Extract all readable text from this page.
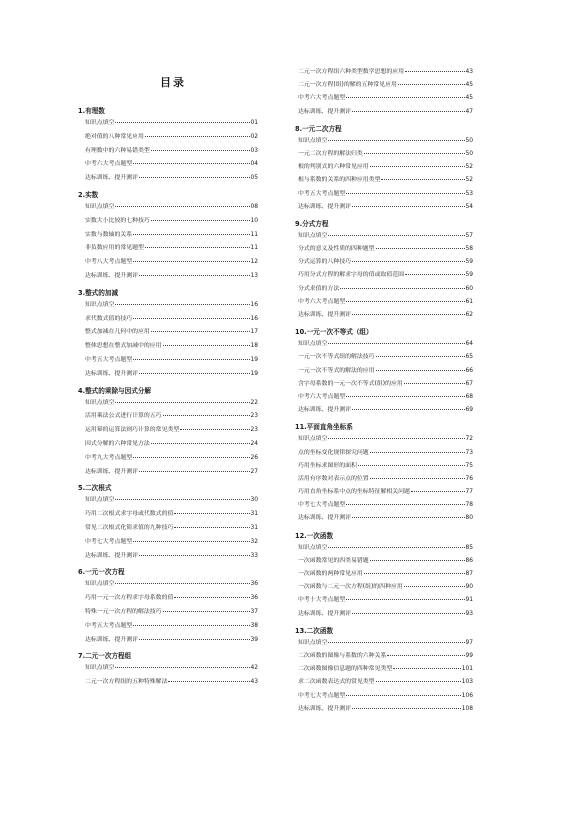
目录
1.有理数
知识点填空	01
绝对值的八种常见应用	02
有理数中的六种易错类型	03
中考六大考点题型	04
达标训练、提升测评	05
2.实数
知识点填空	08
实数大小比较的七种技巧	10
实数与数轴的关系	11
非负数应用的常见题型	11
中考八大考点题型	12
达标训练、提升测评	13
3.整式的加减
知识点填空	16
求代数式值的技巧	16
整式加减在几何中的应用	17
整体思想在整式加减中的应用	18
中考五大考点题型	19
达标训练、提升测评	19
4.整式的乘除与因式分解
知识点填空	22
活用乘法公式进行计算的五巧	23
运用幂的运算法则巧计算的常见类型	23
因式分解的六种常见方法	24
中考九大考点题型	26
达标训练、提升测评	27
5.二次根式
知识点填空	30
巧用二次根式求字母或代数式的值	31
常见二次根式化简求值的九种技巧	31
中考七大考点题型	32
达标训练、提升测评	33
6.一元一次方程
知识点填空	36
巧用一元一次方程求字母系数的值	36
特殊一元一次方程的解法技巧	37
中考五大考点题型	38
达标训练、提升测评	39
7.二元一次方程组
知识点填空	42
二元一次方程组的五种特殊解法	43
二元一次方程组六种类型数学思想的应用	43
二元一次方程(组)的解的五种常见应用	45
中考六大考点题型	45
达标训练、提升测评	47
8.一元二次方程
知识点填空	50
一元二次方程的解法归类	50
根的判别式的六种常见应用	52
根与系数的关系的四种应用类型	52
中考五大考点题型	53
达标训练、提升测评	54
9.分式方程
知识点填空	57
分式的意义及性质的四种题型	58
分式运算的八种技巧	59
巧用分式方程的解求字母的值或取值范围	59
分式求值的方法	60
中考六大考点题型	61
达标训练、提升测评	62
10.一元一次不等式（组）
知识点填空	64
一元一次不等式组的解法技巧	65
一元一次不等式的解法的应用	66
含字母系数的一元一次不等式(组)的应用	67
中考六大考点题型	68
达标训练、提升测评	69
11.平面直角坐标系
知识点填空	72
点的坐标变化规律探究问题	73
巧用坐标求图形的面积	75
活用有序数对表示点的位置	76
巧用直角坐标系中点的坐标特征解相关问题	77
中考七大考点题型	78
达标训练、提升测评	80
12.一次函数
知识点填空	85
一次函数常见的四类易错题	86
一次函数的两种常见应用	87
一次函数与二元一次方程(组)的四种应用	90
中考十大考点题型	91
达标训练、提升测评	93
13.二次函数
知识点填空	97
二次函数的图像与系数的六种关系	99
二次函数图像信息题的四种常见类型	101
求二次函数表达式的常见类型	103
中考七大考点题型	106
达标训练、提升测评	108
